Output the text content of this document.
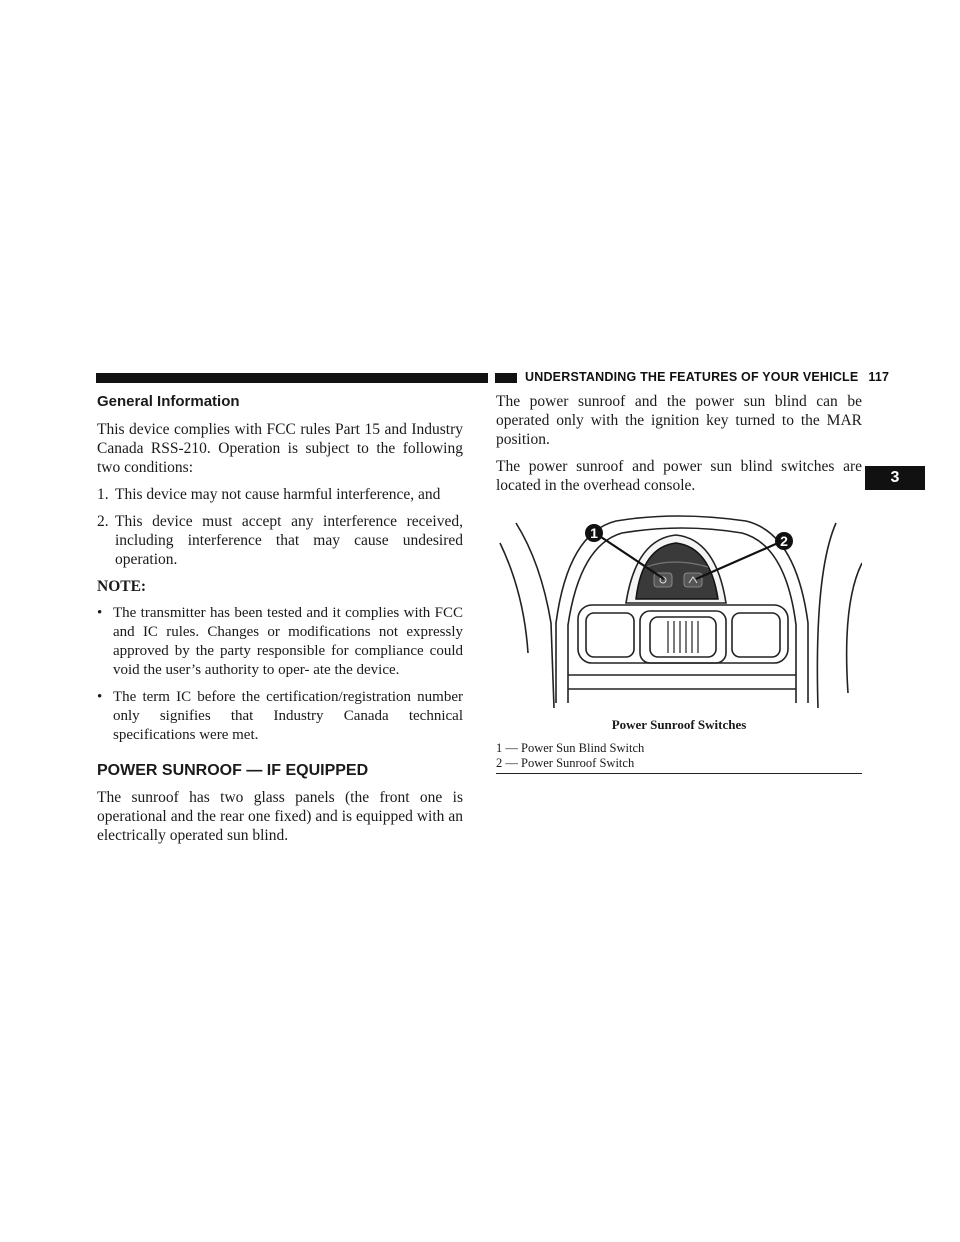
UNDERSTANDING THE FEATURES OF YOUR VEHICLE 117
3
General Information

This device complies with FCC rules Part 15 and Industry Canada RSS-210. Operation is subject to the following two conditions:

1. This device may not cause harmful interference, and
2. This device must accept any interference received, including interference that may cause undesired operation.
NOTE:
• The transmitter has been tested and it complies with FCC and IC rules. Changes or modifications not expressly approved by the party responsible for compliance could void the user’s authority to oper- ate the device.
• The term IC before the certification/registration number only signifies that Industry Canada technical specifications were met.
POWER SUNROOF — IF EQUIPPED

The sunroof has two glass panels (the front one is operational and the rear one fixed) and is equipped with an electrically operated sun blind.

The power sunroof and the power sun blind can be operated only with the ignition key turned to the MAR position.

The power sunroof and power sun blind switches are located in the overhead console.

1	2
Power Sunroof Switches
1 — Power Sun Blind Switch
2 — Power Sunroof Switch
